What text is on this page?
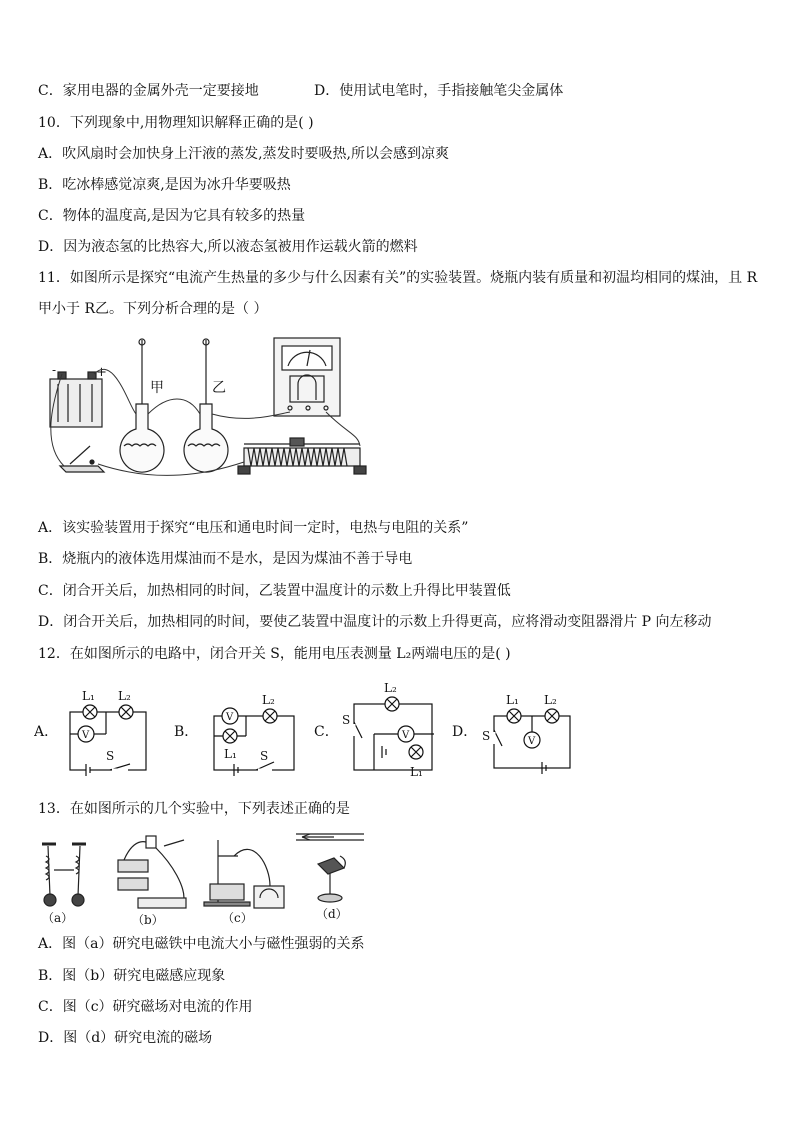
C．家用电器的金属外壳一定要接地	D．使用试电笔时，手指接触笔尖金属体
10．下列现象中,用物理知识解释正确的是( )
A．吹风扇时会加快身上汗液的蒸发,蒸发时要吸热,所以会感到凉爽
B．吃冰棒感觉凉爽,是因为冰升华要吸热
C．物体的温度高,是因为它具有较多的热量
D．因为液态氢的比热容大,所以液态氢被用作运载火箭的燃料
11．如图所示是探究“电流产生热量的多少与什么因素有关”的实验装置。烧瓶内装有质量和初温均相同的煤油，且 R
甲小于 R乙。下列分析合理的是（ ）
-	+
甲	乙
A．该实验装置用于探究“电压和通电时间一定时，电热与电阻的关系”
B．烧瓶内的液体选用煤油而不是水，是因为煤油不善于导电
C．闭合开关后，加热相同的时间，乙装置中温度计的示数上升得比甲装置低
D．闭合开关后，加热相同的时间，要使乙装置中温度计的示数上升得更高，应将滑动变阻器滑片 P 向左移动
12．在如图所示的电路中，闭合开关 S，能用电压表测量 L₂两端电压的是( )
A．
L₁ L₂
V
S
B．
V
L₂
L₁ S
C．
L₂
S
V
L₁
D．
L₁ L₂
S	V
13．在如图所示的几个实验中，下列表述正确的是
（a）	（b）	（c）	（d）
A．图（a）研究电磁铁中电流大小与磁性强弱的关系
B．图（b）研究电磁感应现象
C．图（c）研究磁场对电流的作用
D．图（d）研究电流的磁场
